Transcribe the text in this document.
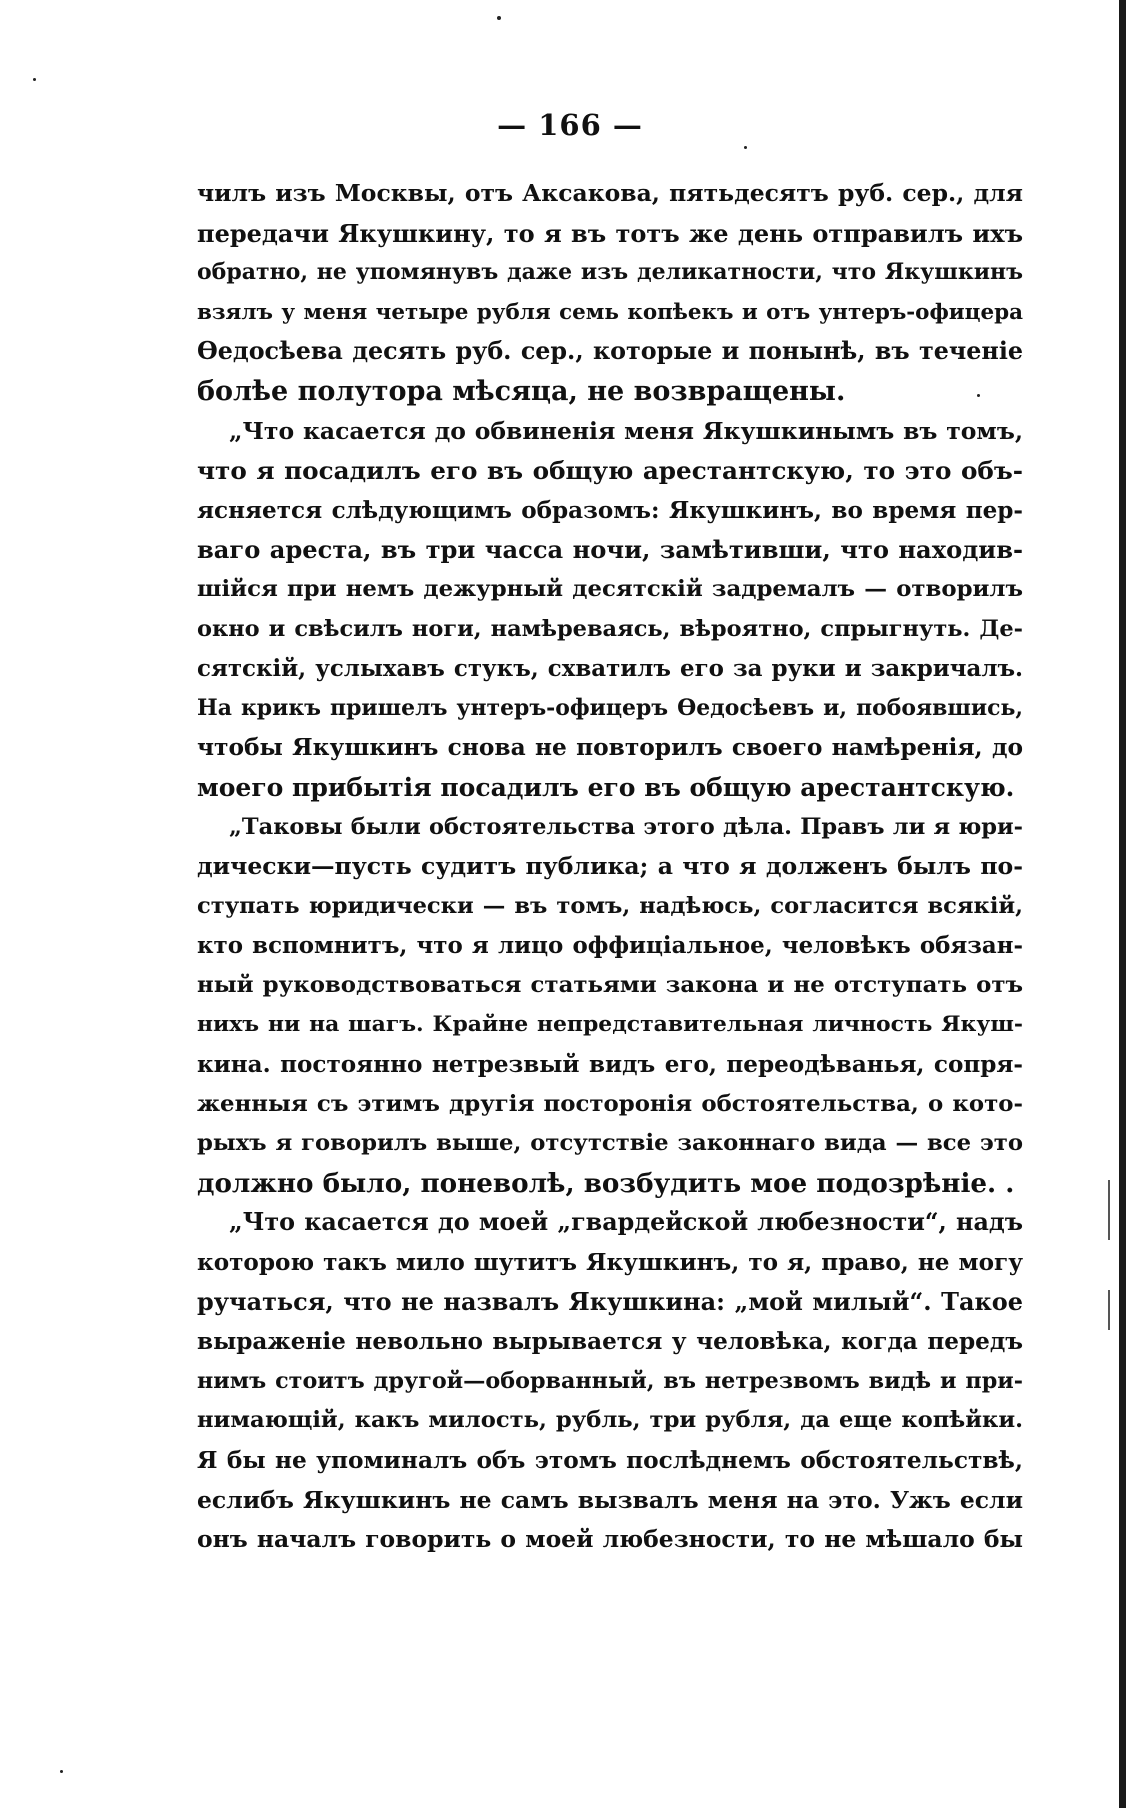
— 166 —
чилъ изъ Москвы, отъ Аксакова, пятьдесятъ руб. сер., для
передачи Якушкину, то я въ тотъ же день отправилъ ихъ
обратно, не упомянувъ даже изъ деликатности, что Якушкинъ
взялъ у меня четыре рубля семь копѣекъ и отъ унтеръ-офицера
Ѳедосѣева десять руб. сер., которые и понынѣ, въ теченіе
болѣе полутора мѣсяца, не возвращены.
„Что касается до обвиненія меня Якушкинымъ въ томъ,
что я посадилъ его въ общую арестантскую, то это объ-
ясняется слѣдующимъ образомъ: Якушкинъ, во время пер-
ваго ареста, въ три часса ночи, замѣтивши, что находив-
шійся при немъ дежурный десятскій задремалъ — отворилъ
окно и свѣсилъ ноги, намѣреваясь, вѣроятно, спрыгнуть. Де-
сятскій, услыхавъ стукъ, схватилъ его за руки и закричалъ.
На крикъ пришелъ унтеръ-офицеръ Ѳедосѣевъ и, побоявшись,
чтобы Якушкинъ снова не повторилъ своего намѣренія, до
моего прибытія посадилъ его въ общую арестантскую.
„Таковы были обстоятельства этого дѣла. Правъ ли я юри-
дически—пусть судитъ публика; а что я долженъ былъ по-
ступать юридически — въ томъ, надѣюсь, согласится всякій,
кто вспомнитъ, что я лицо оффиціальное, человѣкъ обязан-
ный руководствоваться статьями закона и не отступать отъ
нихъ ни на шагъ. Крайне непредставительная личность Якуш-
кина. постоянно нетрезвый видъ его, переодѣванья, сопря-
женныя съ этимъ другія посторонія обстоятельства, о кото-
рыхъ я говорилъ выше, отсутствіе законнаго вида — все это
должно было, поневолѣ, возбудить мое подозрѣніе. .
„Что касается до моей „гвардейской любезности“, надъ
которою такъ мило шутитъ Якушкинъ, то я, право, не могу
ручаться, что не назвалъ Якушкина: „мой милый“. Такое
выраженіе невольно вырывается у человѣка, когда передъ
нимъ стоитъ другой—оборванный, въ нетрезвомъ видѣ и при-
нимающій, какъ милость, рубль, три рубля, да еще копѣйки.
Я бы не упоминалъ объ этомъ послѣднемъ обстоятельствѣ,
еслибъ Якушкинъ не самъ вызвалъ меня на это. Ужъ если
онъ началъ говорить о моей любезности, то не мѣшало бы
